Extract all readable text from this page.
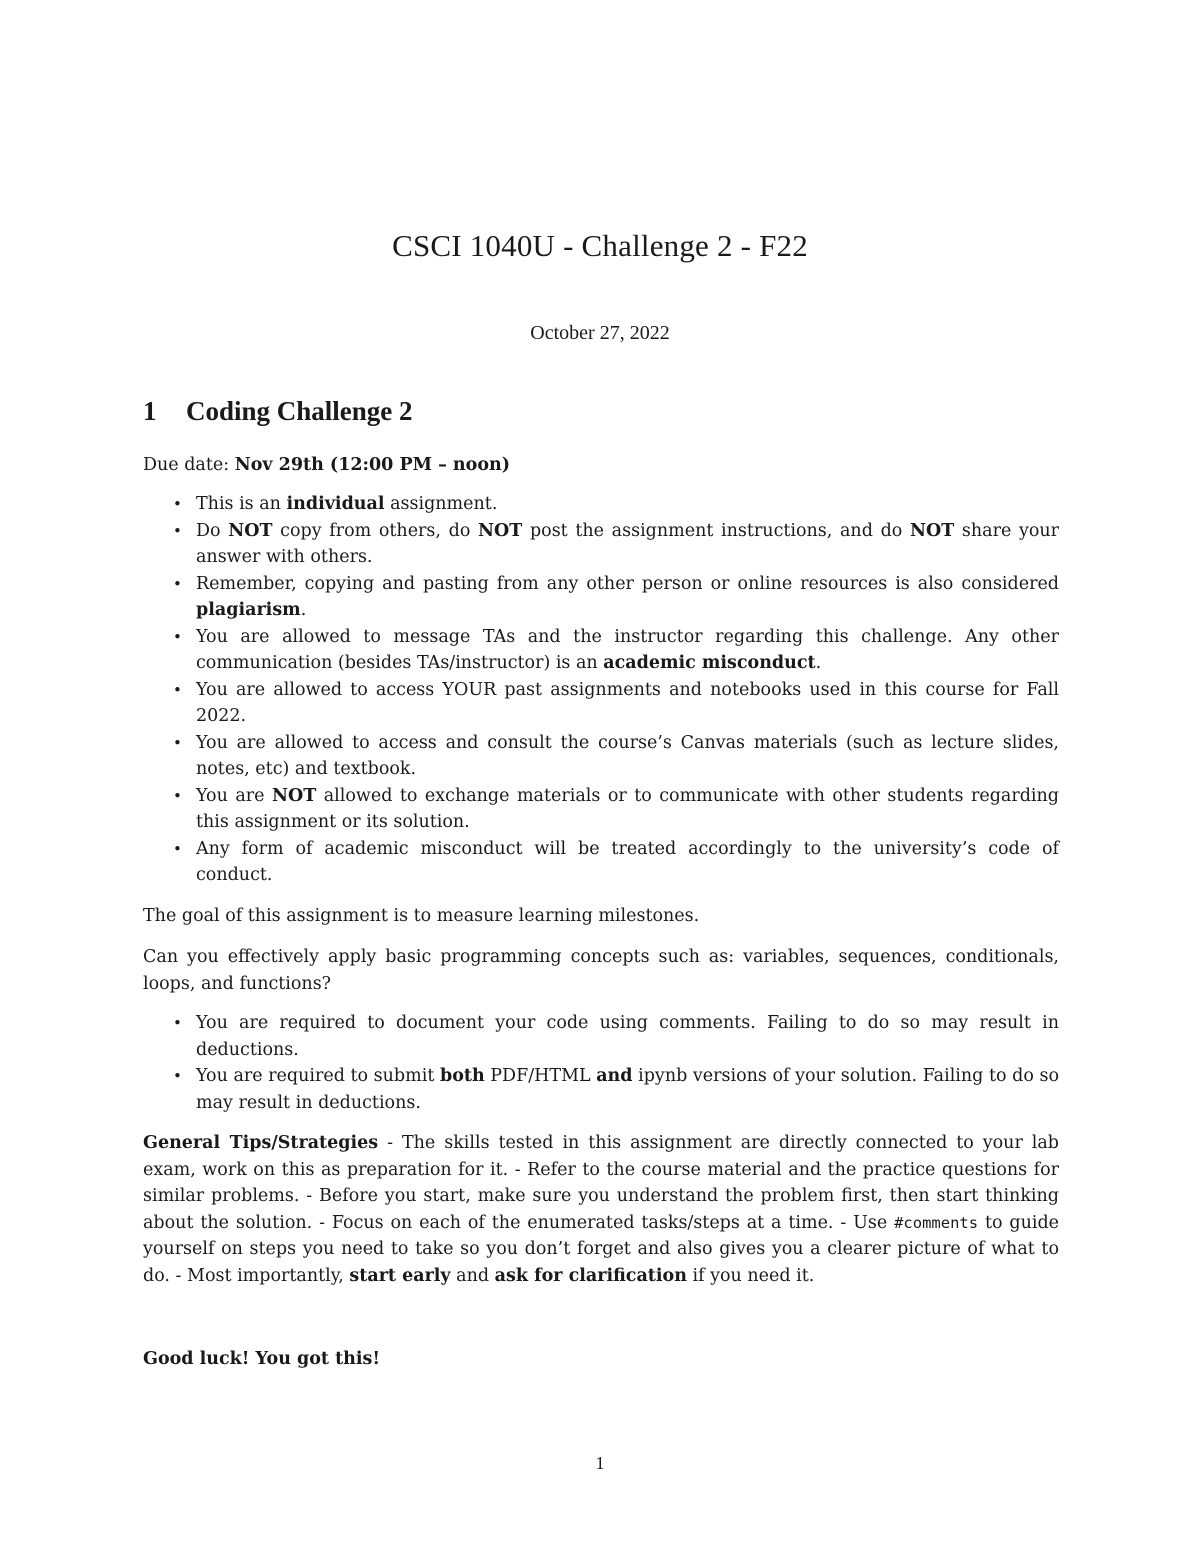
CSCI 1040U - Challenge 2 - F22
October 27, 2022
1 Coding Challenge 2
Due date: Nov 29th (12:00 PM – noon)
• This is an individual assignment.
• Do NOT copy from others, do NOT post the assignment instructions, and do NOT share your answer with others.
• Remember, copying and pasting from any other person or online resources is also considered plagiarism.
• You are allowed to message TAs and the instructor regarding this challenge. Any other communication (besides TAs/instructor) is an academic misconduct.
• You are allowed to access YOUR past assignments and notebooks used in this course for Fall 2022.
• You are allowed to access and consult the course’s Canvas materials (such as lecture slides, notes, etc) and textbook.
• You are NOT allowed to exchange materials or to communicate with other students regarding this assignment or its solution.
• Any form of academic misconduct will be treated accordingly to the university’s code of conduct.
The goal of this assignment is to measure learning milestones.
Can you effectively apply basic programming concepts such as: variables, sequences, conditionals, loops, and functions?
• You are required to document your code using comments. Failing to do so may result in deductions.
• You are required to submit both PDF/HTML and ipynb versions of your solution. Failing to do so may result in deductions.
General Tips/Strategies - The skills tested in this assignment are directly connected to your lab exam, work on this as preparation for it. - Refer to the course material and the practice questions for similar problems. - Before you start, make sure you understand the problem first, then start thinking about the solution. - Focus on each of the enumerated tasks/steps at a time. - Use #comments to guide yourself on steps you need to take so you don’t forget and also gives you a clearer picture of what to do. - Most importantly, start early and ask for clarification if you need it.
Good luck! You got this!
1
